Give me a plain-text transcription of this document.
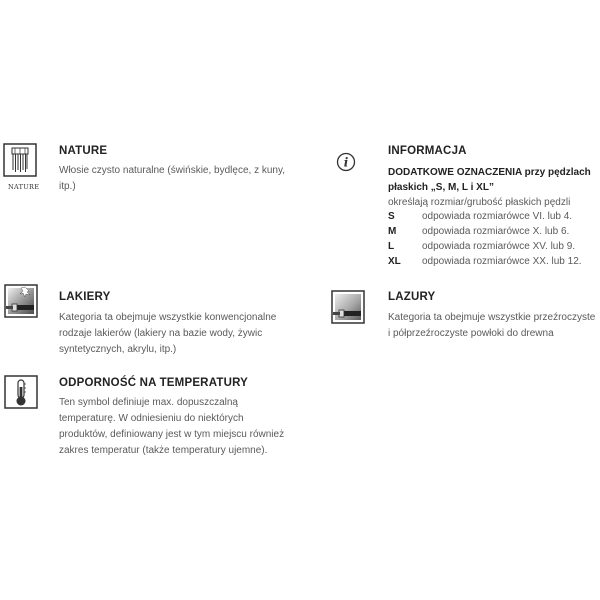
NATURE
NATURE
Włosie czysto naturalne (świńskie, bydlęce, z kuny, itp.)
i
INFORMACJA
DODATKOWE OZNACZENIA przy pędzlach płaskich „S, M, L i XL”
określają rozmiar/grubość płaskich pędzli
S	odpowiada rozmiarówce VI. lub 4.
M	odpowiada rozmiarówce X. lub 6.
L	odpowiada rozmiarówce XV. lub 9.
XL odpowiada rozmiarówce XX. lub 12.
LAKIERY
Kategoria ta obejmuje wszystkie konwencjonalne rodzaje lakierów (lakiery na bazie wody, żywic syntetycznych, akrylu, itp.)
LAZURY
Kategoria ta obejmuje wszystkie przeźroczyste i półprzeźroczyste powłoki do drewna
ODPORNOŚĆ NA TEMPERATURY
Ten symbol definiuje max. dopuszczalną temperaturę. W odniesieniu do niektórych produktów, definiowany jest w tym miejscu również zakres temperatur (także temperatury ujemne).
